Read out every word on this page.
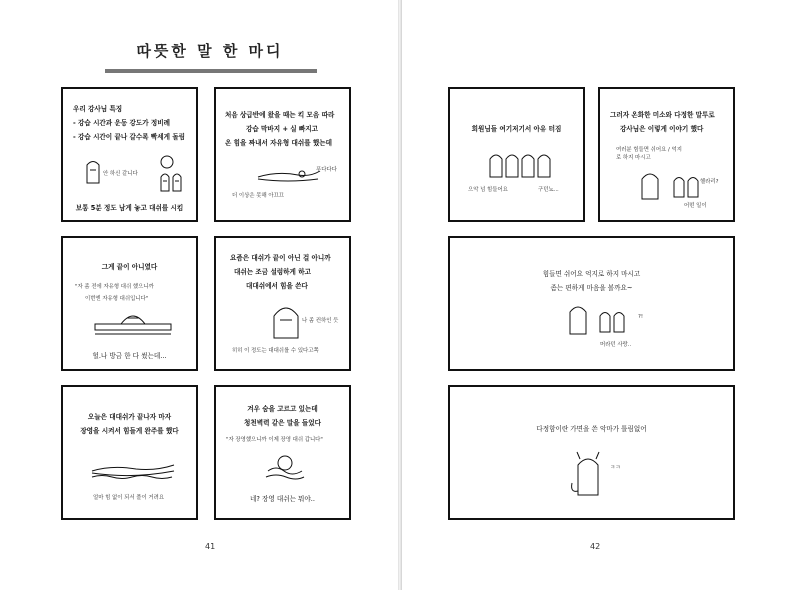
따뜻한 말 한 마디
우리 강사님 특징
- 강습 시간과 운동 강도가 정비례
- 강습 시간이 끝나 갈수록 빡세게 돌림
안 하신 같니다
보통 5분 정도 남게 놓고 대쉬를 시킴
처음 상급반에 왔을 때는 킥 모음 따라
강습 막바지 + 실 빠지고
온 힘을 짜내서 자유형 대쉬를 했는데
푸다다다
더 이상은 못해 아끄끄
그게 끝이 아니였다
"자 좀 전에 자유형 대쉬 했으니까
이번엔 자유형 대쉬입니다"
헐.나 방금 한 다 썼는데...
요즘은 대쉬가 끝이 아닌 걸 아니까
대쉬는 조금 설렁하게 하고
대대쉬에서 힘을 쓴다
나 좀 컨하인 듯
히히 이 정도는 대대쉬를 수 있다고쪽
오늘은 대대쉬가 끝나자 마자
장영을 시켜서 힘들게 완주를 했다
얼마 힘 없이 되서 풀이 거려요
겨우 숨을 고르고 있는데
청천벽력 같은 말을 들었다
"자 장영했으니까 이제 장영 대쉬 갑니다"
네? 장영 대쉬는 뭐야..
41
회원님들 여기저기서 아유 터짐
으악 넘 힘들어요	구던뇨...
그러자 온화한 미소와 다정한 말투로
강사님은 이렇게 이야기 했다
여러분 힘들면 쉬어요 / 억지로 하지 마시고
헬라리?
어떤 일이
힘들면 쉬어요 억지로 하지 마시고
좀는 편하게 마음을 볼까요~
?!
머라던 사랑..
다정함이란 가면을 쓴 악마가 틀림없어
ㅋㅋ
42
